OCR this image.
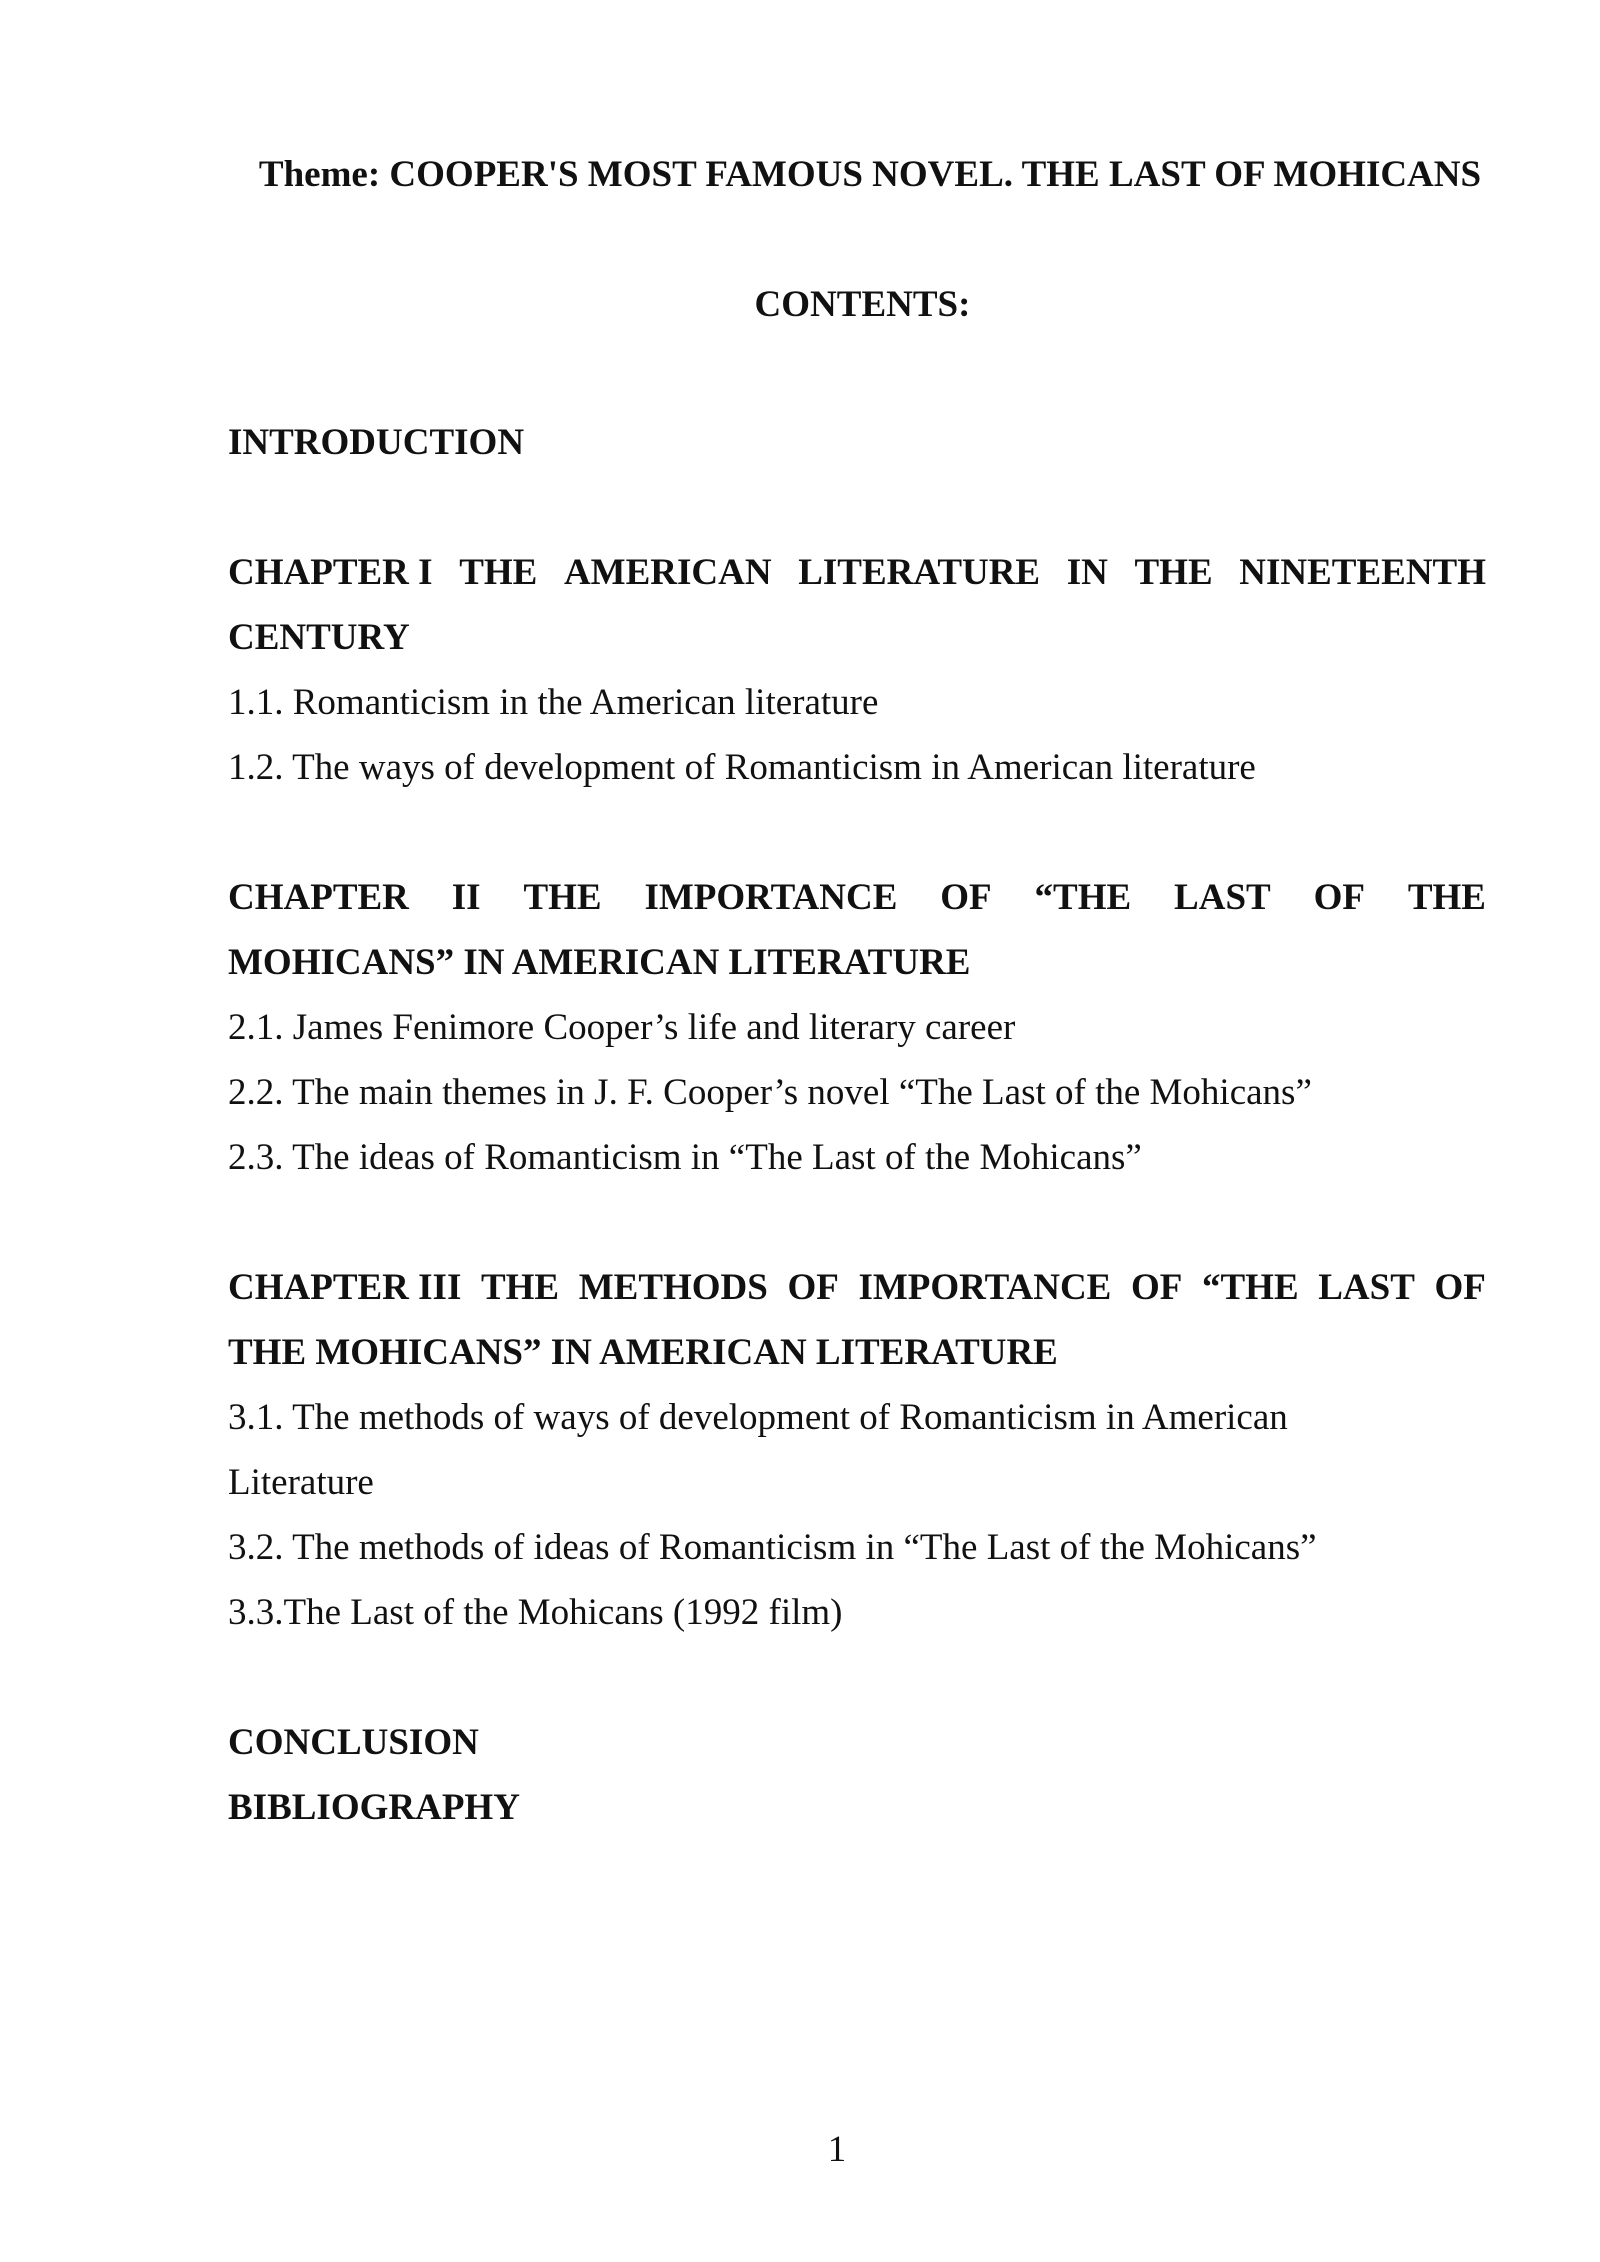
Theme: COOPER'S MOST FAMOUS NOVEL. THE LAST OF MOHICANS
CONTENTS:
INTRODUCTION
CHAPTER I THE AMERICAN LITERATURE IN THE NINETEENTH
CENTURY
1.1. Romanticism in the American literature
1.2. The ways of development of Romanticism in American literature
CHAPTER II THE IMPORTANCE OF “THE LAST OF THE
MOHICANS” IN AMERICAN LITERATURE
2.1. James Fenimore Cooper’s life and literary career
2.2. The main themes in J. F. Cooper’s novel “The Last of the Mohicans”
2.3. The ideas of Romanticism in “The Last of the Mohicans”
CHAPTER III THE METHODS OF IMPORTANCE OF “THE LAST OF
THE MOHICANS” IN AMERICAN LITERATURE
3.1. The methods of ways of development of Romanticism in American
Literature
3.2. The methods of ideas of Romanticism in “The Last of the Mohicans”
3.3.The Last of the Mohicans (1992 film)
CONCLUSION
BIBLIOGRAPHY
1
